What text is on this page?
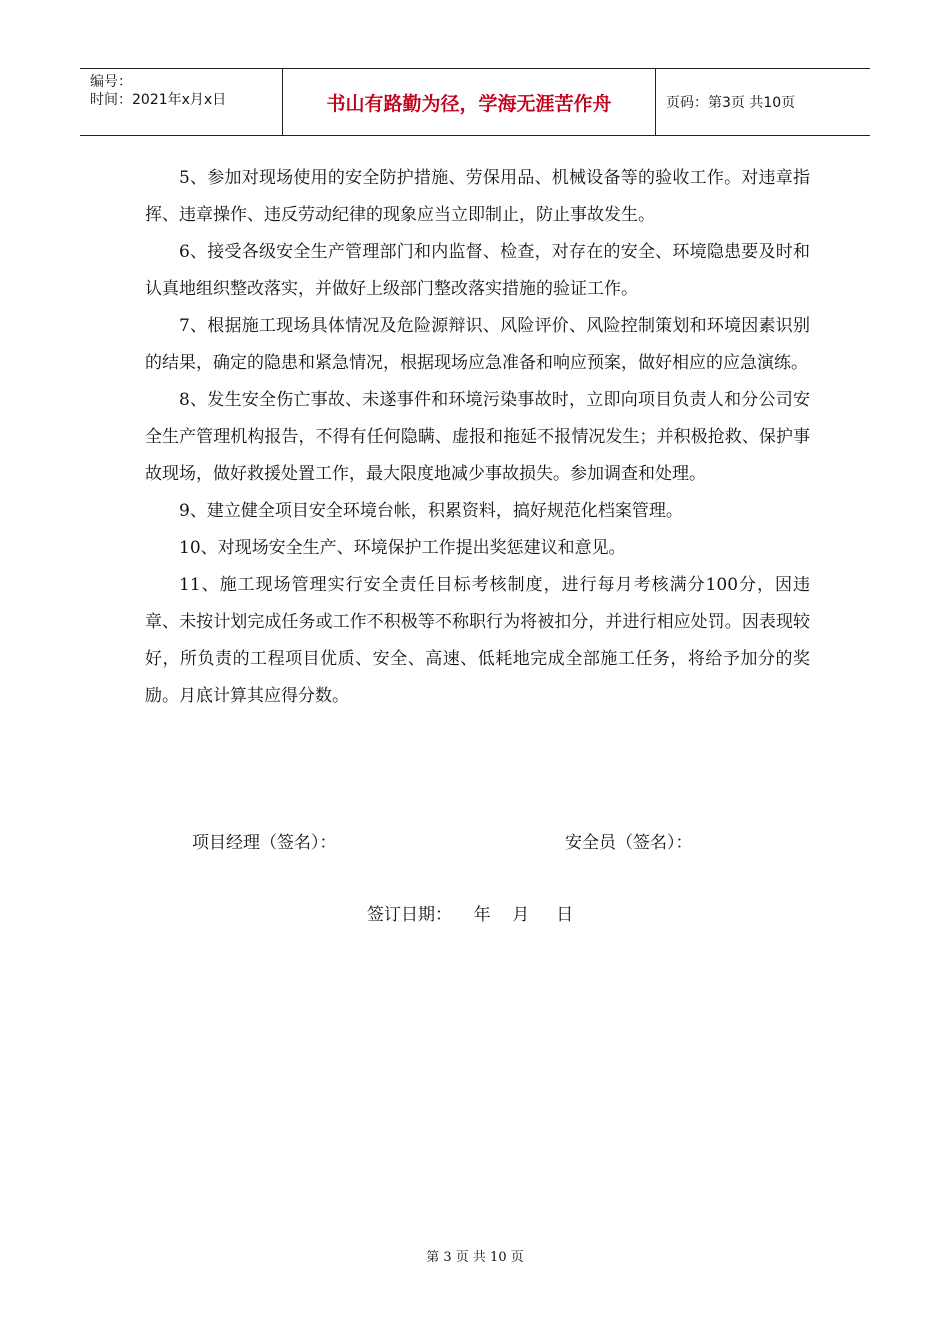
编号：
时间：2021年x月x日	书山有路勤为径，学海无涯苦作舟	页码：第3页 共10页

5、参加对现场使用的安全防护措施、劳保用品、机械设备等的验收工作。对违章指挥、违章操作、违反劳动纪律的现象应当立即制止，防止事故发生。

6、接受各级安全生产管理部门和内监督、检查，对存在的安全、环境隐患要及时和认真地组织整改落实，并做好上级部门整改落实措施的验证工作。

7、根据施工现场具体情况及危险源辩识、风险评价、风险控制策划和环境因素识别的结果，确定的隐患和紧急情况，根据现场应急准备和响应预案，做好相应的应急演练。

8、发生安全伤亡事故、未遂事件和环境污染事故时，立即向项目负责人和分公司安全生产管理机构报告，不得有任何隐瞒、虚报和拖延不报情况发生；并积极抢救、保护事故现场，做好救援处置工作，最大限度地减少事故损失。参加调查和处理。

9、建立健全项目安全环境台帐，积累资料，搞好规范化档案管理。

10、对现场安全生产、环境保护工作提出奖惩建议和意见。

11、施工现场管理实行安全责任目标考核制度，进行每月考核满分100分，因违章、未按计划完成任务或工作不积极等不称职行为将被扣分，并进行相应处罚。因表现较好，所负责的工程项目优质、安全、高速、低耗地完成全部施工任务，将给予加分的奖励。月底计算其应得分数。

项目经理（签名）：	安全员（签名）：
签订日期：    年    月     日
第 3 页 共 10 页
